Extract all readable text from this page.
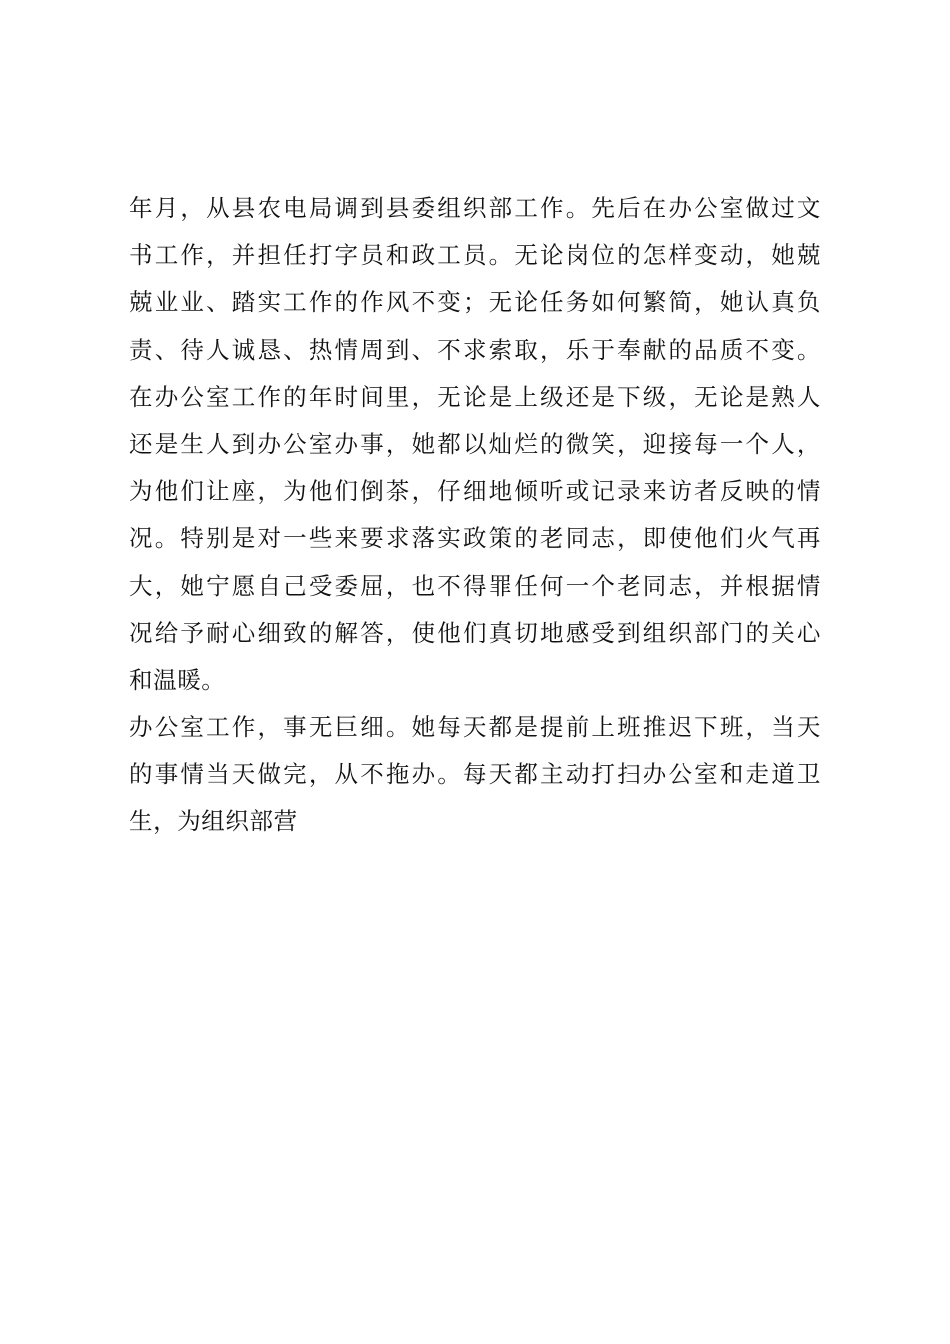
年月，从县农电局调到县委组织部工作。先后在办公室做过文
书工作，并担任打字员和政工员。无论岗位的怎样变动，她兢
兢业业、踏实工作的作风不变；无论任务如何繁简，她认真负
责、待人诚恳、热情周到、不求索取，乐于奉献的品质不变。
在办公室工作的年时间里，无论是上级还是下级，无论是熟人
还是生人到办公室办事，她都以灿烂的微笑，迎接每一个人，
为他们让座，为他们倒茶，仔细地倾听或记录来访者反映的情
况。特别是对一些来要求落实政策的老同志，即使他们火气再
大，她宁愿自己受委屈，也不得罪任何一个老同志，并根据情
况给予耐心细致的解答，使他们真切地感受到组织部门的关心
和温暖。
办公室工作，事无巨细。她每天都是提前上班推迟下班，当天
的事情当天做完，从不拖办。每天都主动打扫办公室和走道卫
生，为组织部营
